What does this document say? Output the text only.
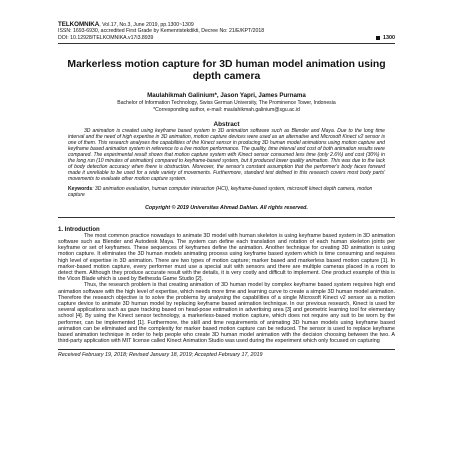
TELKOMNIKA, Vol.17, No.3, June 2019, pp.1300~1309
ISSN: 1693-6930, accredited First Grade by Kemenristekdikti, Decree No: 21/E/KPT/2018
DOI: 10.12928/TELKOMNIKA.v17i3.8939	1300
Markerless motion capture for 3D human model animation using depth camera
Maulahikmah Galinium*, Jason Yapri, James Purnama
Bachelor of Information Technology, Swiss German University, The Prominence Tower, Indonesia
*Corresponding author, e-mail: maulahikmah.galinium@sgu.ac.id
Abstract

3D animation is created using keyframe based system in 3D animation software such as Blender and Maya. Due to the long time interval and the need of high expertise in 3D animation, motion capture devices were used as an alternative and Microsoft Kinect v2 sensor is one of them. This research analyses the capabilities of the Kinect sensor in producing 3D human model animations using motion capture and keyframe based animation system in reference to a live motion performance. The quality, time interval and cost of both animation results were compared. The experimental result shows that motion capture system with Kinect sensor consumed less time (only 2.6%) and cost (30%) in the long run (10 minutes of animation) compared to keyframe-based system, but it produced lower quality animation. This was due to the lack of body detection accuracy when there is obstruction. Moreover, the sensor's constant assumption that the performer's body faces forward made it unreliable to be used for a wide variety of movements. Furthermore, standard test defined in this research covers most body parts' movements to evaluate other motion capture system.

Keywords: 3D animation evaluation, human computer interaction (HCI), keyframe-based system, microsoft kinect depth camera, motion capture
Copyright © 2019 Universitas Ahmad Dahlan. All rights reserved.
1. Introduction

The most common practice nowadays to animate 3D model with human skeleton is using keyframe based system in 3D animation software such as Blender and Autodesk Maya. The system can define each translation and rotation of each human skeleton joints per keyframe or set of keyframes. These sequences of keyframes define the animation. Another technique for creating 3D animation is using motion capture. It eliminates the 3D human models animating process using keyframe based system which is time consuming and requires high level of expertise in 3D animation. There are two types of motion capture; marker based and markerless based motion capture [1]. In marker-based motion capture, every performer must use a special suit with sensors and there are multiple cameras placed in a room to detect them. Although they produce accurate result with the details, it is very costly and difficult to implement. One product example of this is the Vicon Blade which is used by Bethesda Game Studio [2].

Thus, the research problem is that creating animation of 3D human model by complex keyframe based system requires high end animation software with the high level of expertise, which needs more time and learning curve to create a simple 3D human model animation. Therefore the research objective is to solve the problems by analysing the capabilities of a single Microsoft Kinect v2 sensor as a motion capture device to animate 3D human model by replacing keyframe based animation technique. In our previous research, Kinect is used for several applications such as gaze tracking based on head-pose estimation in advertising area [3] and geometric learning tool for elementary school [4]. By using the Kinect sensor technology, a markerless-based motion capture, which does not require any suit to be worn by the performer, can be implemented [1]. Furthermore, the skill and time requirements of animating 3D human models using keyframe based animation can be eliminated and the complexity for marker based motion capture can be reduced. The sensor is used to replace keyframe based animation technique in order to help people who create 3D human model animation with the decision choosing between the two. A third-party application with MIT license called Kinect Animation Studio was used during the experiment which only focused on capturing

Received February 19, 2018; Revised January 18, 2019; Accepted February 17, 2019
